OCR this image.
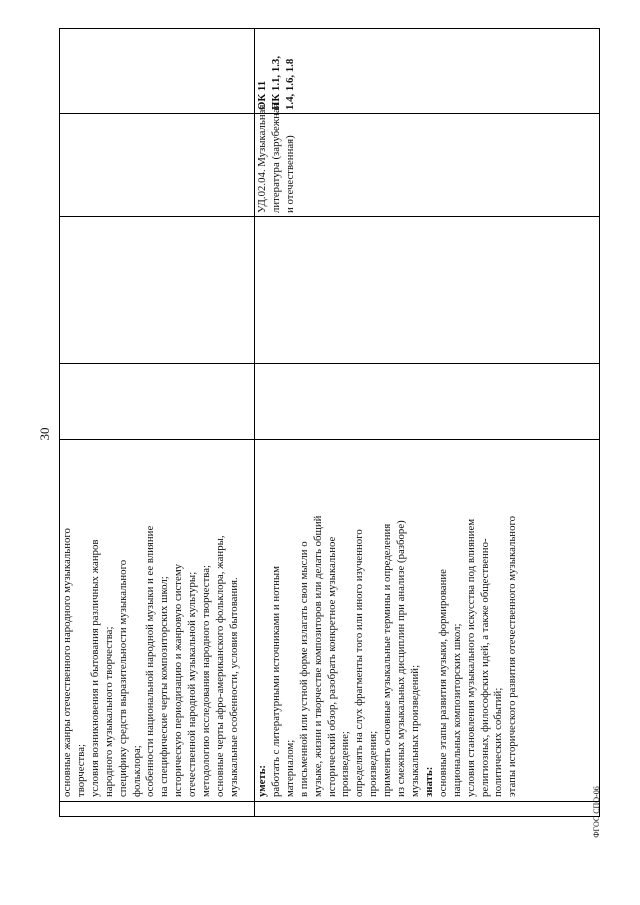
30
ФГОС СПО-06
основные жанры отечественного народного музыкального творчества; условия возникновения и бытования различных жанров народного музыкального творчества; специфику средств выразительности музыкального фольклора; особенности национальной народной музыки и ее влияние на специфические черты композиторских школ; историческую периодизацию и жанровую систему отечественной народной музыкальной культуры; методологию исследования народного творчества; основные черты афро-американского фольклора, жанры, музыкальные особенности, условия бытования. уметь: работать с литературными источниками и нотным материалом; в письменной или устной форме излагать свои мысли о музыке, жизни и творчестве композиторов или делать общий исторический обзор, разобрать конкретное музыкальное произведение; определять на слух фрагменты того или иного изученного произведения; применять основные музыкальные термины и определения из смежных музыкальных дисциплин при анализе (разборе) музыкальных произведений; знать: основные этапы развития музыки, формирование национальных композиторских школ; условия становления музыкального искусства под влиянием религиозных, философских идей, а также общественно- политических событий; этапы исторического развития отечественного музыкального
УД.02.04. Музыкальная литература (зарубежная и отечественная)
ОК 11 ПК 1.1, 1.3, 1.4, 1.6, 1.8
